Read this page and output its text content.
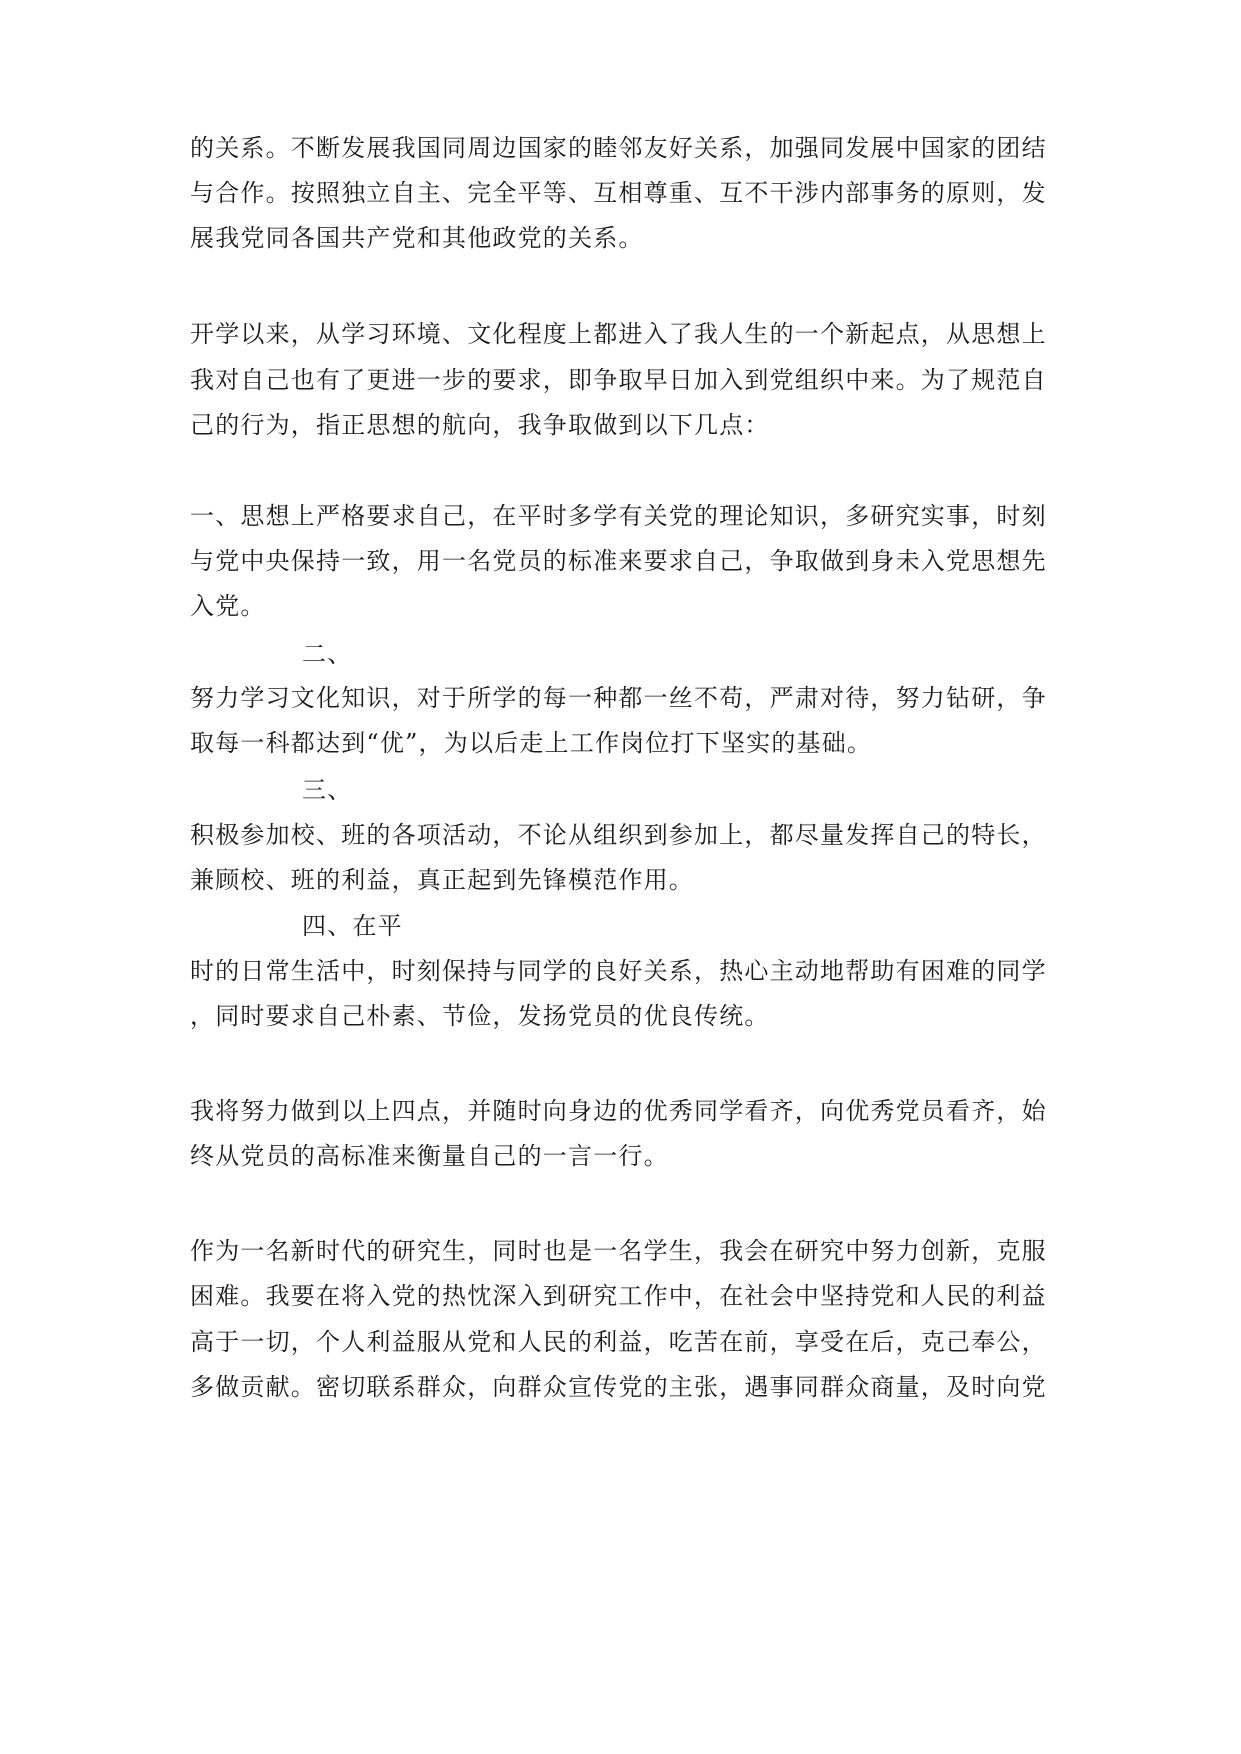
的关系。不断发展我国同周边国家的睦邻友好关系，加强同发展中国家的团结
与合作。按照独立自主、完全平等、互相尊重、互不干涉内部事务的原则，发
展我党同各国共产党和其他政党的关系。
开学以来，从学习环境、文化程度上都进入了我人生的一个新起点，从思想上
我对自己也有了更进一步的要求，即争取早日加入到党组织中来。为了规范自
己的行为，指正思想的航向，我争取做到以下几点：
一、思想上严格要求自己，在平时多学有关党的理论知识，多研究实事，时刻
与党中央保持一致，用一名党员的标准来要求自己，争取做到身未入党思想先
入党。
二、
努力学习文化知识，对于所学的每一种都一丝不苟，严肃对待，努力钻研，争
取每一科都达到“优”，为以后走上工作岗位打下坚实的基础。
三、
积极参加校、班的各项活动，不论从组织到参加上，都尽量发挥自己的特长，
兼顾校、班的利益，真正起到先锋模范作用。
四、在平
时的日常生活中，时刻保持与同学的良好关系，热心主动地帮助有困难的同学
，同时要求自己朴素、节俭，发扬党员的优良传统。
我将努力做到以上四点，并随时向身边的优秀同学看齐，向优秀党员看齐，始
终从党员的高标准来衡量自己的一言一行。
作为一名新时代的研究生，同时也是一名学生，我会在研究中努力创新，克服
困难。我要在将入党的热忱深入到研究工作中，在社会中坚持党和人民的利益
高于一切，个人利益服从党和人民的利益，吃苦在前，享受在后，克己奉公，
多做贡献。密切联系群众，向群众宣传党的主张，遇事同群众商量，及时向党
